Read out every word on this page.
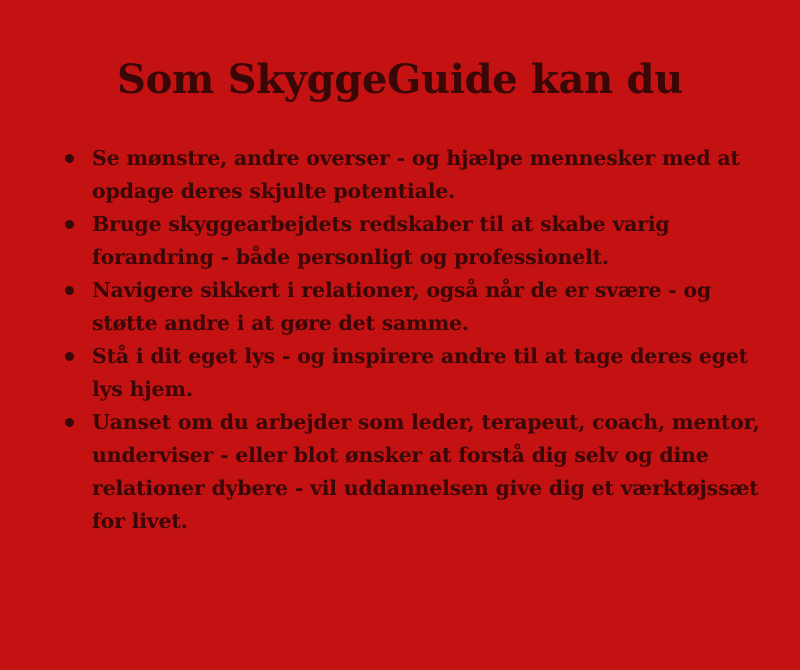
Som SkyggeGuide kan du
Se mønstre, andre overser - og hjælpe mennesker med at opdage deres skjulte potentiale.
Bruge skyggearbejdets redskaber til at skabe varig forandring - både personligt og professionelt.
Navigere sikkert i relationer, også når de er svære - og støtte andre i at gøre det samme.
Stå i dit eget lys - og inspirere andre til at tage deres eget lys hjem.
Uanset om du arbejder som leder, terapeut, coach, mentor, underviser - eller blot ønsker at forstå dig selv og dine relationer dybere - vil uddannelsen give dig et værktøjssæt for livet.
